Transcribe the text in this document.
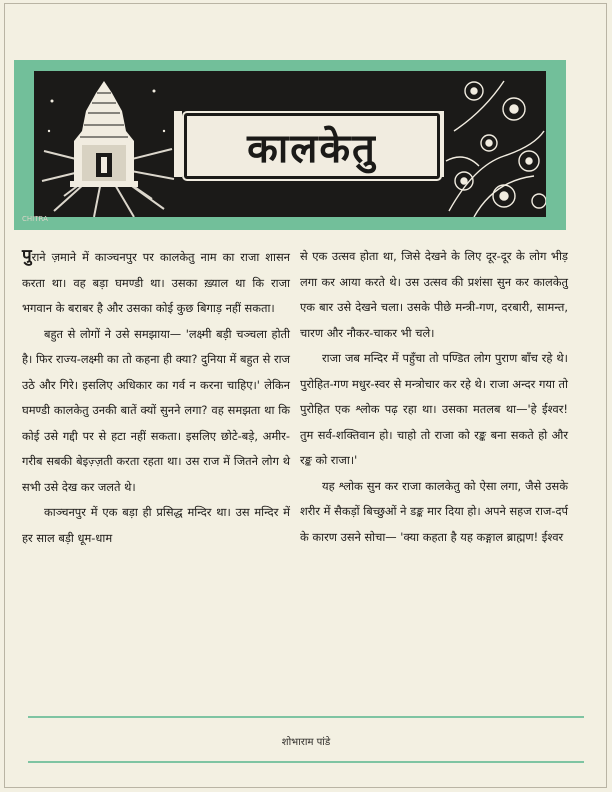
कालकेतु
CHITRA

पुराने ज़माने में काञ्चनपुर पर कालकेतु नाम का राजा शासन करता था। वह बड़ा घमण्डी था। उसका ख़्याल था कि राजा भगवान के बराबर है और उसका कोई कुछ बिगाड़ नहीं सकता।

बहुत से लोगों ने उसे समझाया— 'लक्ष्मी बड़ी चञ्चला होती है। फिर राज्य-लक्ष्मी का तो कहना ही क्या? दुनिया में बहुत से राज उठे और गिरे। इसलिए अधिकार का गर्व न करना चाहिए।' लेकिन घमण्डी कालकेतु उनकी बातें क्यों सुनने लगा? वह समझता था कि कोई उसे गद्दी पर से हटा नहीं सकता। इसलिए छोटे-बड़े, अमीर-गरीब सबकी बेइज़्ज़ती करता रहता था। उस राज में जितने लोग थे सभी उसे देख कर जलते थे।

काञ्चनपुर में एक बड़ा ही प्रसिद्ध मन्दिर था। उस मन्दिर में हर साल बड़ी धूम-धाम

से एक उत्सव होता था, जिसे देखने के लिए दूर-दूर के लोग भीड़ लगा कर आया करते थे। उस उत्सव की प्रशंसा सुन कर कालकेतु एक बार उसे देखने चला। उसके पीछे मन्त्री-गण, दरबारी, सामन्त, चारण और नौकर-चाकर भी चले।

राजा जब मन्दिर में पहुँचा तो पण्डित लोग पुराण बाँच रहे थे। पुरोहित-गण मधुर-स्वर से मन्त्रोचार कर रहे थे। राजा अन्दर गया तो पुरोहित एक श्लोक पढ़ रहा था। उसका मतलब था—'हे ईश्वर! तुम सर्व-शक्तिवान हो। चाहो तो राजा को रङ्क बना सकते हो और रङ्क को राजा।'

यह श्लोक सुन कर राजा कालकेतु को ऐसा लगा, जैसे उसके शरीर में सैकड़ों बिच्छुओं ने डङ्क मार दिया हो। अपने सहज राज-दर्प के कारण उसने सोचा— 'क्या कहता है यह कङ्गाल ब्राह्मण! ईश्वर

शोभाराम पांडे
